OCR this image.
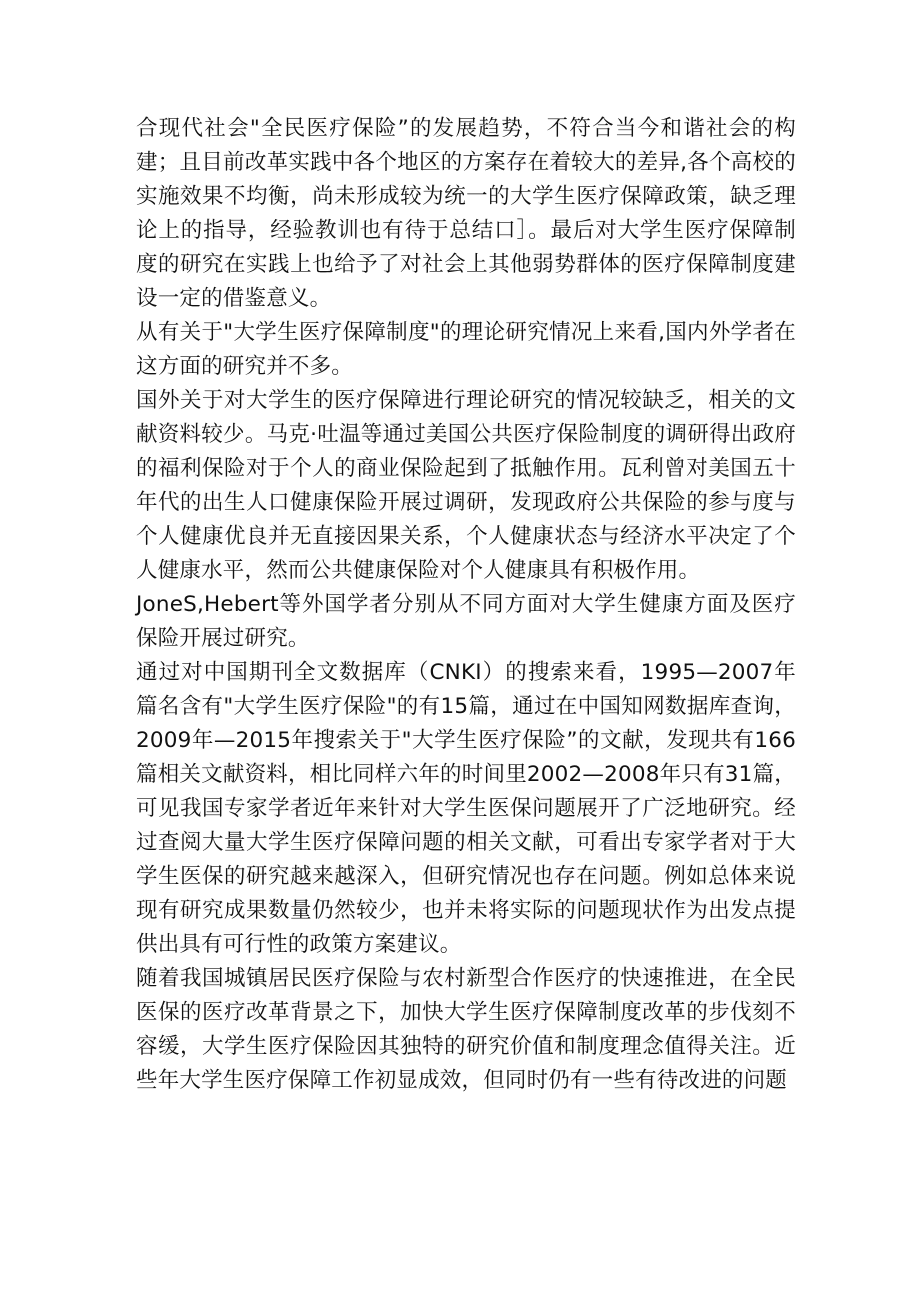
合现代社会"全民医疗保险”的发展趋势，不符合当今和谐社会的构建；且目前改革实践中各个地区的方案存在着较大的差异,各个高校的实施效果不均衡，尚未形成较为统一的大学生医疗保障政策，缺乏理论上的指导，经验教训也有待于总结口］。最后对大学生医疗保障制度的研究在实践上也给予了对社会上其他弱势群体的医疗保障制度建设一定的借鉴意义。

从有关于"大学生医疗保障制度"的理论研究情况上来看,国内外学者在这方面的研究并不多。

国外关于对大学生的医疗保障进行理论研究的情况较缺乏，相关的文献资料较少。马克·吐温等通过美国公共医疗保险制度的调研得出政府的福利保险对于个人的商业保险起到了抵触作用。瓦利曾对美国五十年代的出生人口健康保险开展过调研，发现政府公共保险的参与度与个人健康优良并无直接因果关系，个人健康状态与经济水平决定了个人健康水平，然而公共健康保险对个人健康具有积极作用。

JoneS,Hebert等外国学者分别从不同方面对大学生健康方面及医疗保险开展过研究。

通过对中国期刊全文数据库（CNKI）的搜索来看，1995—2007年篇名含有"大学生医疗保险"的有15篇，通过在中国知网数据库查询，2009年—2015年搜索关于"大学生医疗保险”的文献，发现共有166篇相关文献资料，相比同样六年的时间里2002—2008年只有31篇，可见我国专家学者近年来针对大学生医保问题展开了广泛地研究。经过查阅大量大学生医疗保障问题的相关文献，可看出专家学者对于大学生医保的研究越来越深入，但研究情况也存在问题。例如总体来说现有研究成果数量仍然较少，也并未将实际的问题现状作为出发点提供出具有可行性的政策方案建议。

随着我国城镇居民医疗保险与农村新型合作医疗的快速推进，在全民医保的医疗改革背景之下，加快大学生医疗保障制度改革的步伐刻不容缓，大学生医疗保险因其独特的研究价值和制度理念值得关注。近些年大学生医疗保障工作初显成效，但同时仍有一些有待改进的问题
